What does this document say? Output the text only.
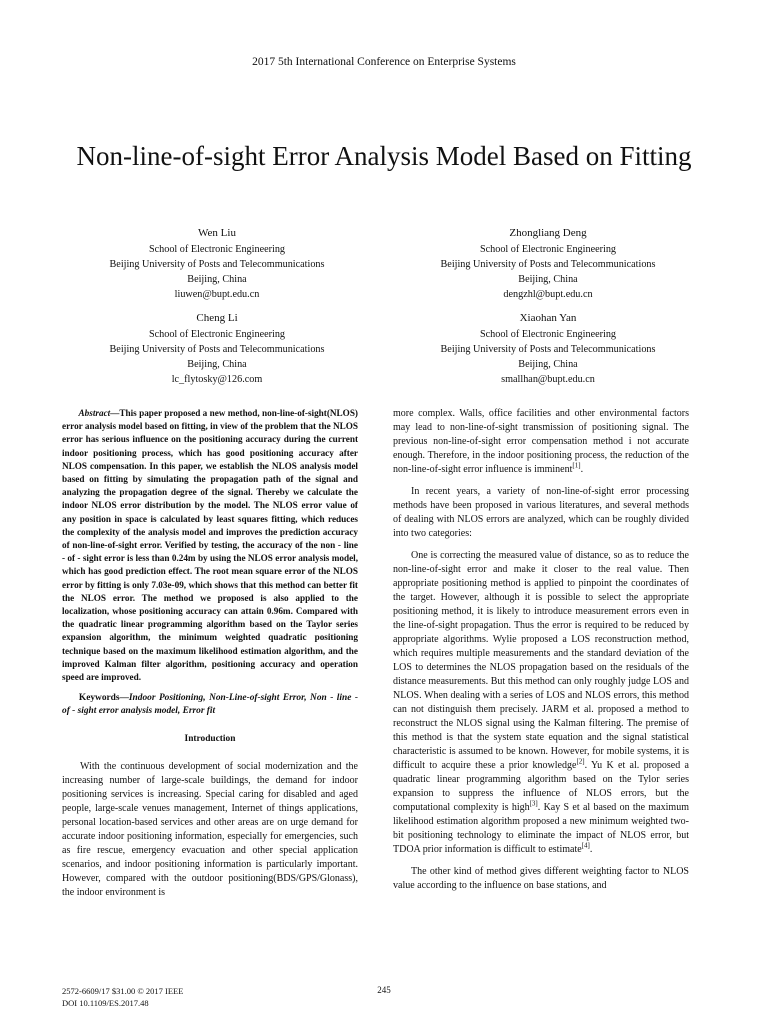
2017 5th International Conference on Enterprise Systems
Non-line-of-sight Error Analysis Model Based on Fitting
Wen Liu
School of Electronic Engineering
Beijing University of Posts and Telecommunications
Beijing, China
liuwen@bupt.edu.cn
Zhongliang Deng
School of Electronic Engineering
Beijing University of Posts and Telecommunications
Beijing, China
dengzhl@bupt.edu.cn
Cheng Li
School of Electronic Engineering
Beijing University of Posts and Telecommunications
Beijing, China
lc_flytosky@126.com
Xiaohan Yan
School of Electronic Engineering
Beijing University of Posts and Telecommunications
Beijing, China
smallhan@bupt.edu.cn

Abstract—This paper proposed a new method, non-line-of-sight(NLOS) error analysis model based on fitting, in view of the problem that the NLOS error has serious influence on the positioning accuracy during the current indoor positioning process, which has good positioning accuracy after NLOS compensation. In this paper, we establish the NLOS analysis model based on fitting by simulating the propagation path of the signal and analyzing the propagation degree of the signal. Thereby we calculate the indoor NLOS error distribution by the model. The NLOS error value of any position in space is calculated by least squares fitting, which reduces the complexity of the analysis model and improves the prediction accuracy of non-line-of-sight error. Verified by testing, the accuracy of the non - line - of - sight error is less than 0.24m by using the NLOS error analysis model, which has good prediction effect. The root mean square error of the NLOS error by fitting is only 7.03e-09, which shows that this method can better fit the NLOS error. The method we proposed is also applied to the localization, whose positioning accuracy can attain 0.96m. Compared with the quadratic linear programming algorithm based on the Taylor series expansion algorithm, the minimum weighted quadratic positioning technique based on the maximum likelihood estimation algorithm, and the improved Kalman filter algorithm, positioning accuracy and operation speed are improved.

Keywords—Indoor Positioning, Non-Line-of-sight Error, Non - line - of - sight error analysis model, Error fit

Introduction

With the continuous development of social modernization and the increasing number of large-scale buildings, the demand for indoor positioning services is increasing. Special caring for disabled and aged people, large-scale venues management, Internet of things applications, personal location-based services and other areas are on urge demand for accurate indoor positioning information, especially for emergencies, such as fire rescue, emergency evacuation and other special application scenarios, and indoor positioning information is particularly important. However, compared with the outdoor positioning(BDS/GPS/Glonass), the indoor environment is

more complex. Walls, office facilities and other environmental factors may lead to non-line-of-sight transmission of positioning signal. The previous non-line-of-sight error compensation method i not accurate enough. Therefore, in the indoor positioning process, the reduction of the non-line-of-sight error influence is imminent[1].

In recent years, a variety of non-line-of-sight error processing methods have been proposed in various literatures, and several methods of dealing with NLOS errors are analyzed, which can be roughly divided into two categories:

One is correcting the measured value of distance, so as to reduce the non-line-of-sight error and make it closer to the real value. Then appropriate positioning method is applied to pinpoint the coordinates of the target. However, although it is possible to select the appropriate positioning method, it is likely to introduce measurement errors even in the line-of-sight propagation. Thus the error is required to be reduced by appropriate algorithms. Wylie proposed a LOS reconstruction method, which requires multiple measurements and the standard deviation of the LOS to determines the NLOS propagation based on the residuals of the distance measurements. But this method can only roughly judge LOS and NLOS. When dealing with a series of LOS and NLOS errors, this method can not distinguish them precisely. JARM et al. proposed a method to reconstruct the NLOS signal using the Kalman filtering. The premise of this method is that the system state equation and the signal statistical characteristic is assumed to be known. However, for mobile systems, it is difficult to acquire these a prior knowledge[2]. Yu K et al. proposed a quadratic linear programming algorithm based on the Tylor series expansion to suppress the influence of NLOS errors, but the computational complexity is high[3]. Kay S et al based on the maximum likelihood estimation algorithm proposed a new minimum weighted two-bit positioning technology to eliminate the impact of NLOS error, but TDOA prior information is difficult to estimate[4].

The other kind of method gives different weighting factor to NLOS value according to the influence on base stations, and

2572-6609/17 $31.00 © 2017 IEEE
DOI 10.1109/ES.2017.48
245
